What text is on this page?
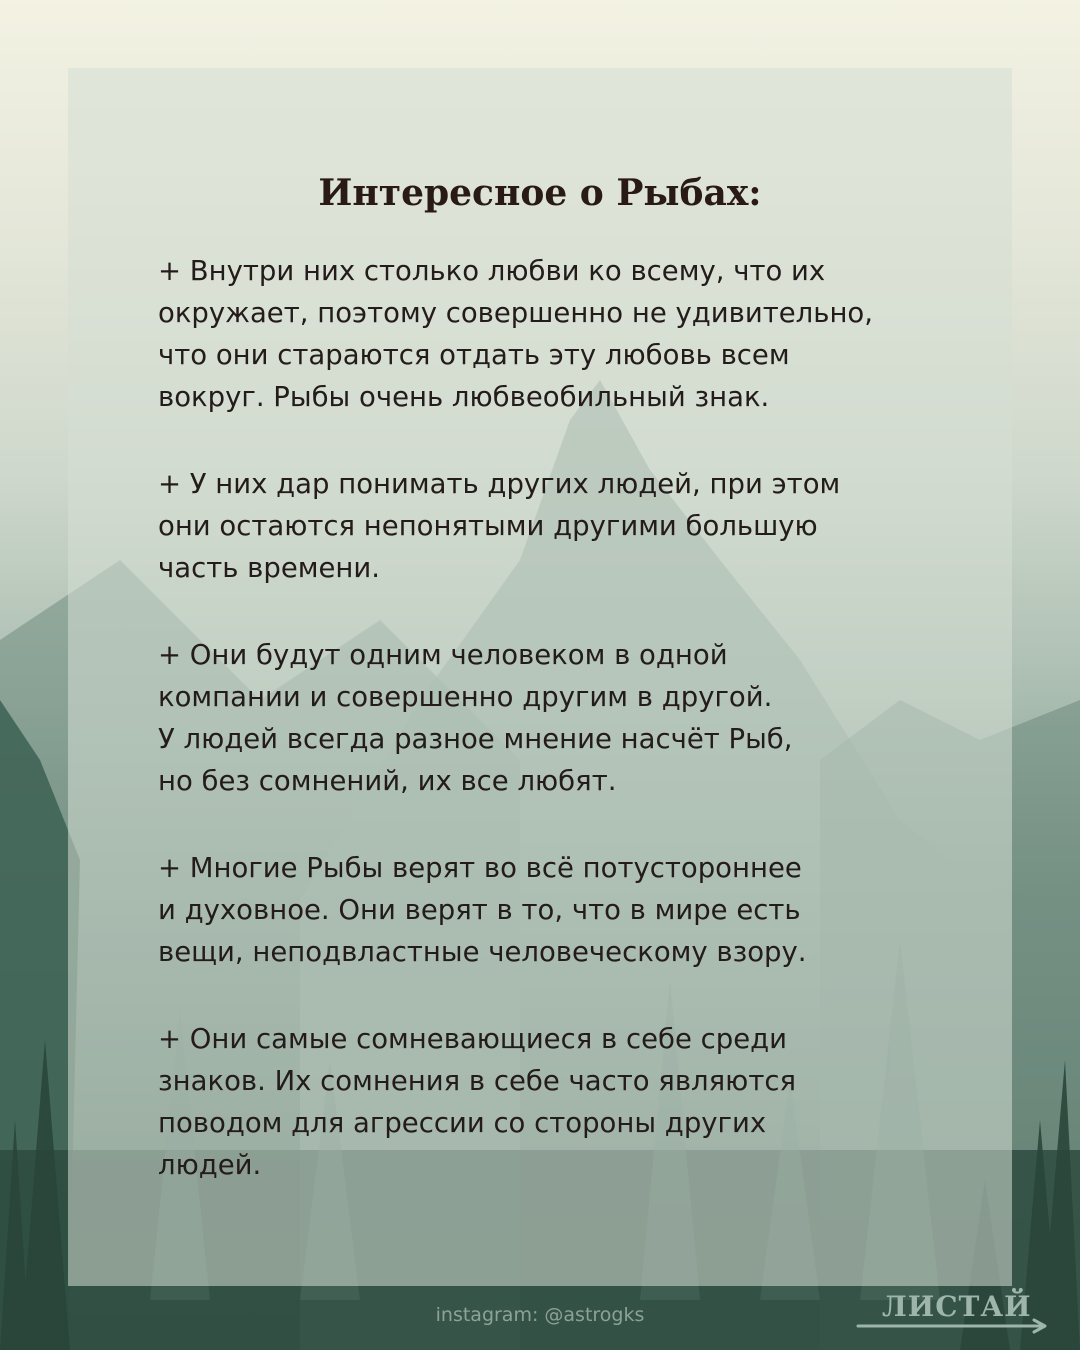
Интересное о Рыбах:

+ Внутри них столько любви ко всему, что их
окружает, поэтому совершенно не удивительно,
что они стараются отдать эту любовь всем
вокруг. Рыбы очень любвеобильный знак.

+ У них дар понимать других людей, при этом
они остаются непонятыми другими большую
часть времени.

+ Они будут одним человеком в одной
компании и совершенно другим в другой.
У людей всегда разное мнение насчёт Рыб,
но без сомнений, их все любят.

+ Многие Рыбы верят во всё потустороннее
и духовное. Они верят в то, что в мире есть
вещи, неподвластные человеческому взору.

+ Они самые сомневающиеся в себе среди
знаков. Их сомнения в себе часто являются
поводом для агрессии со стороны других
людей.

instagram: @astrogks	ЛИСТАЙ
